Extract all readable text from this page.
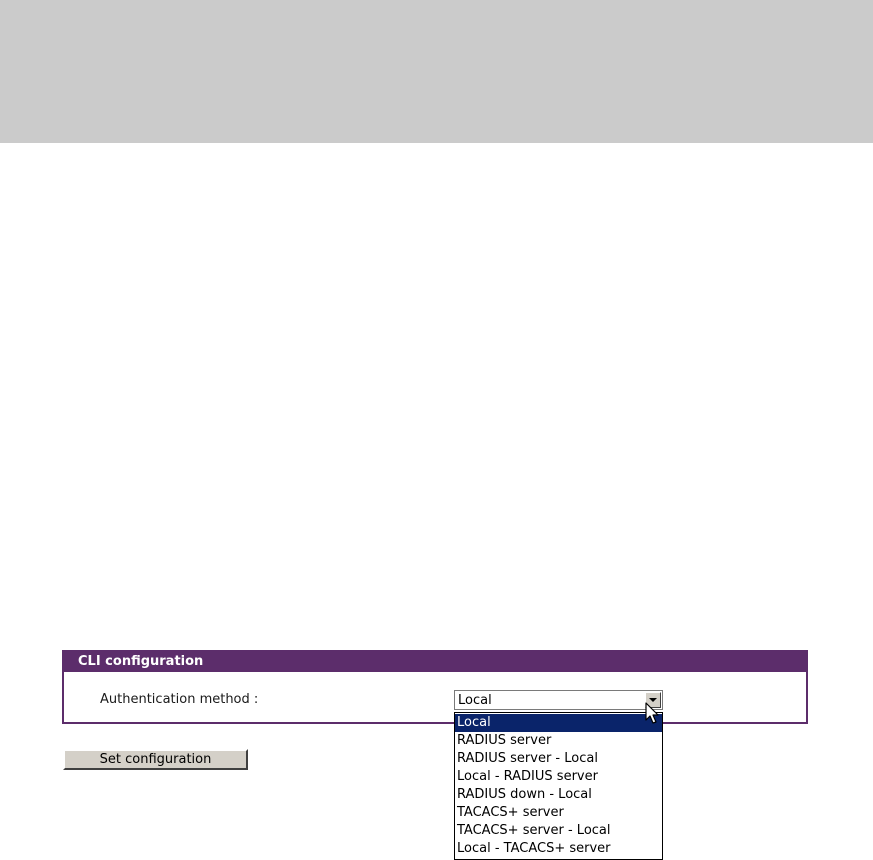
CLI configuration
Authentication method :	Local
Local
RADIUS server
RADIUS server - Local
Local - RADIUS server
RADIUS down - Local
TACACS+ server
TACACS+ server - Local
Local - TACACS+ server
Set configuration
